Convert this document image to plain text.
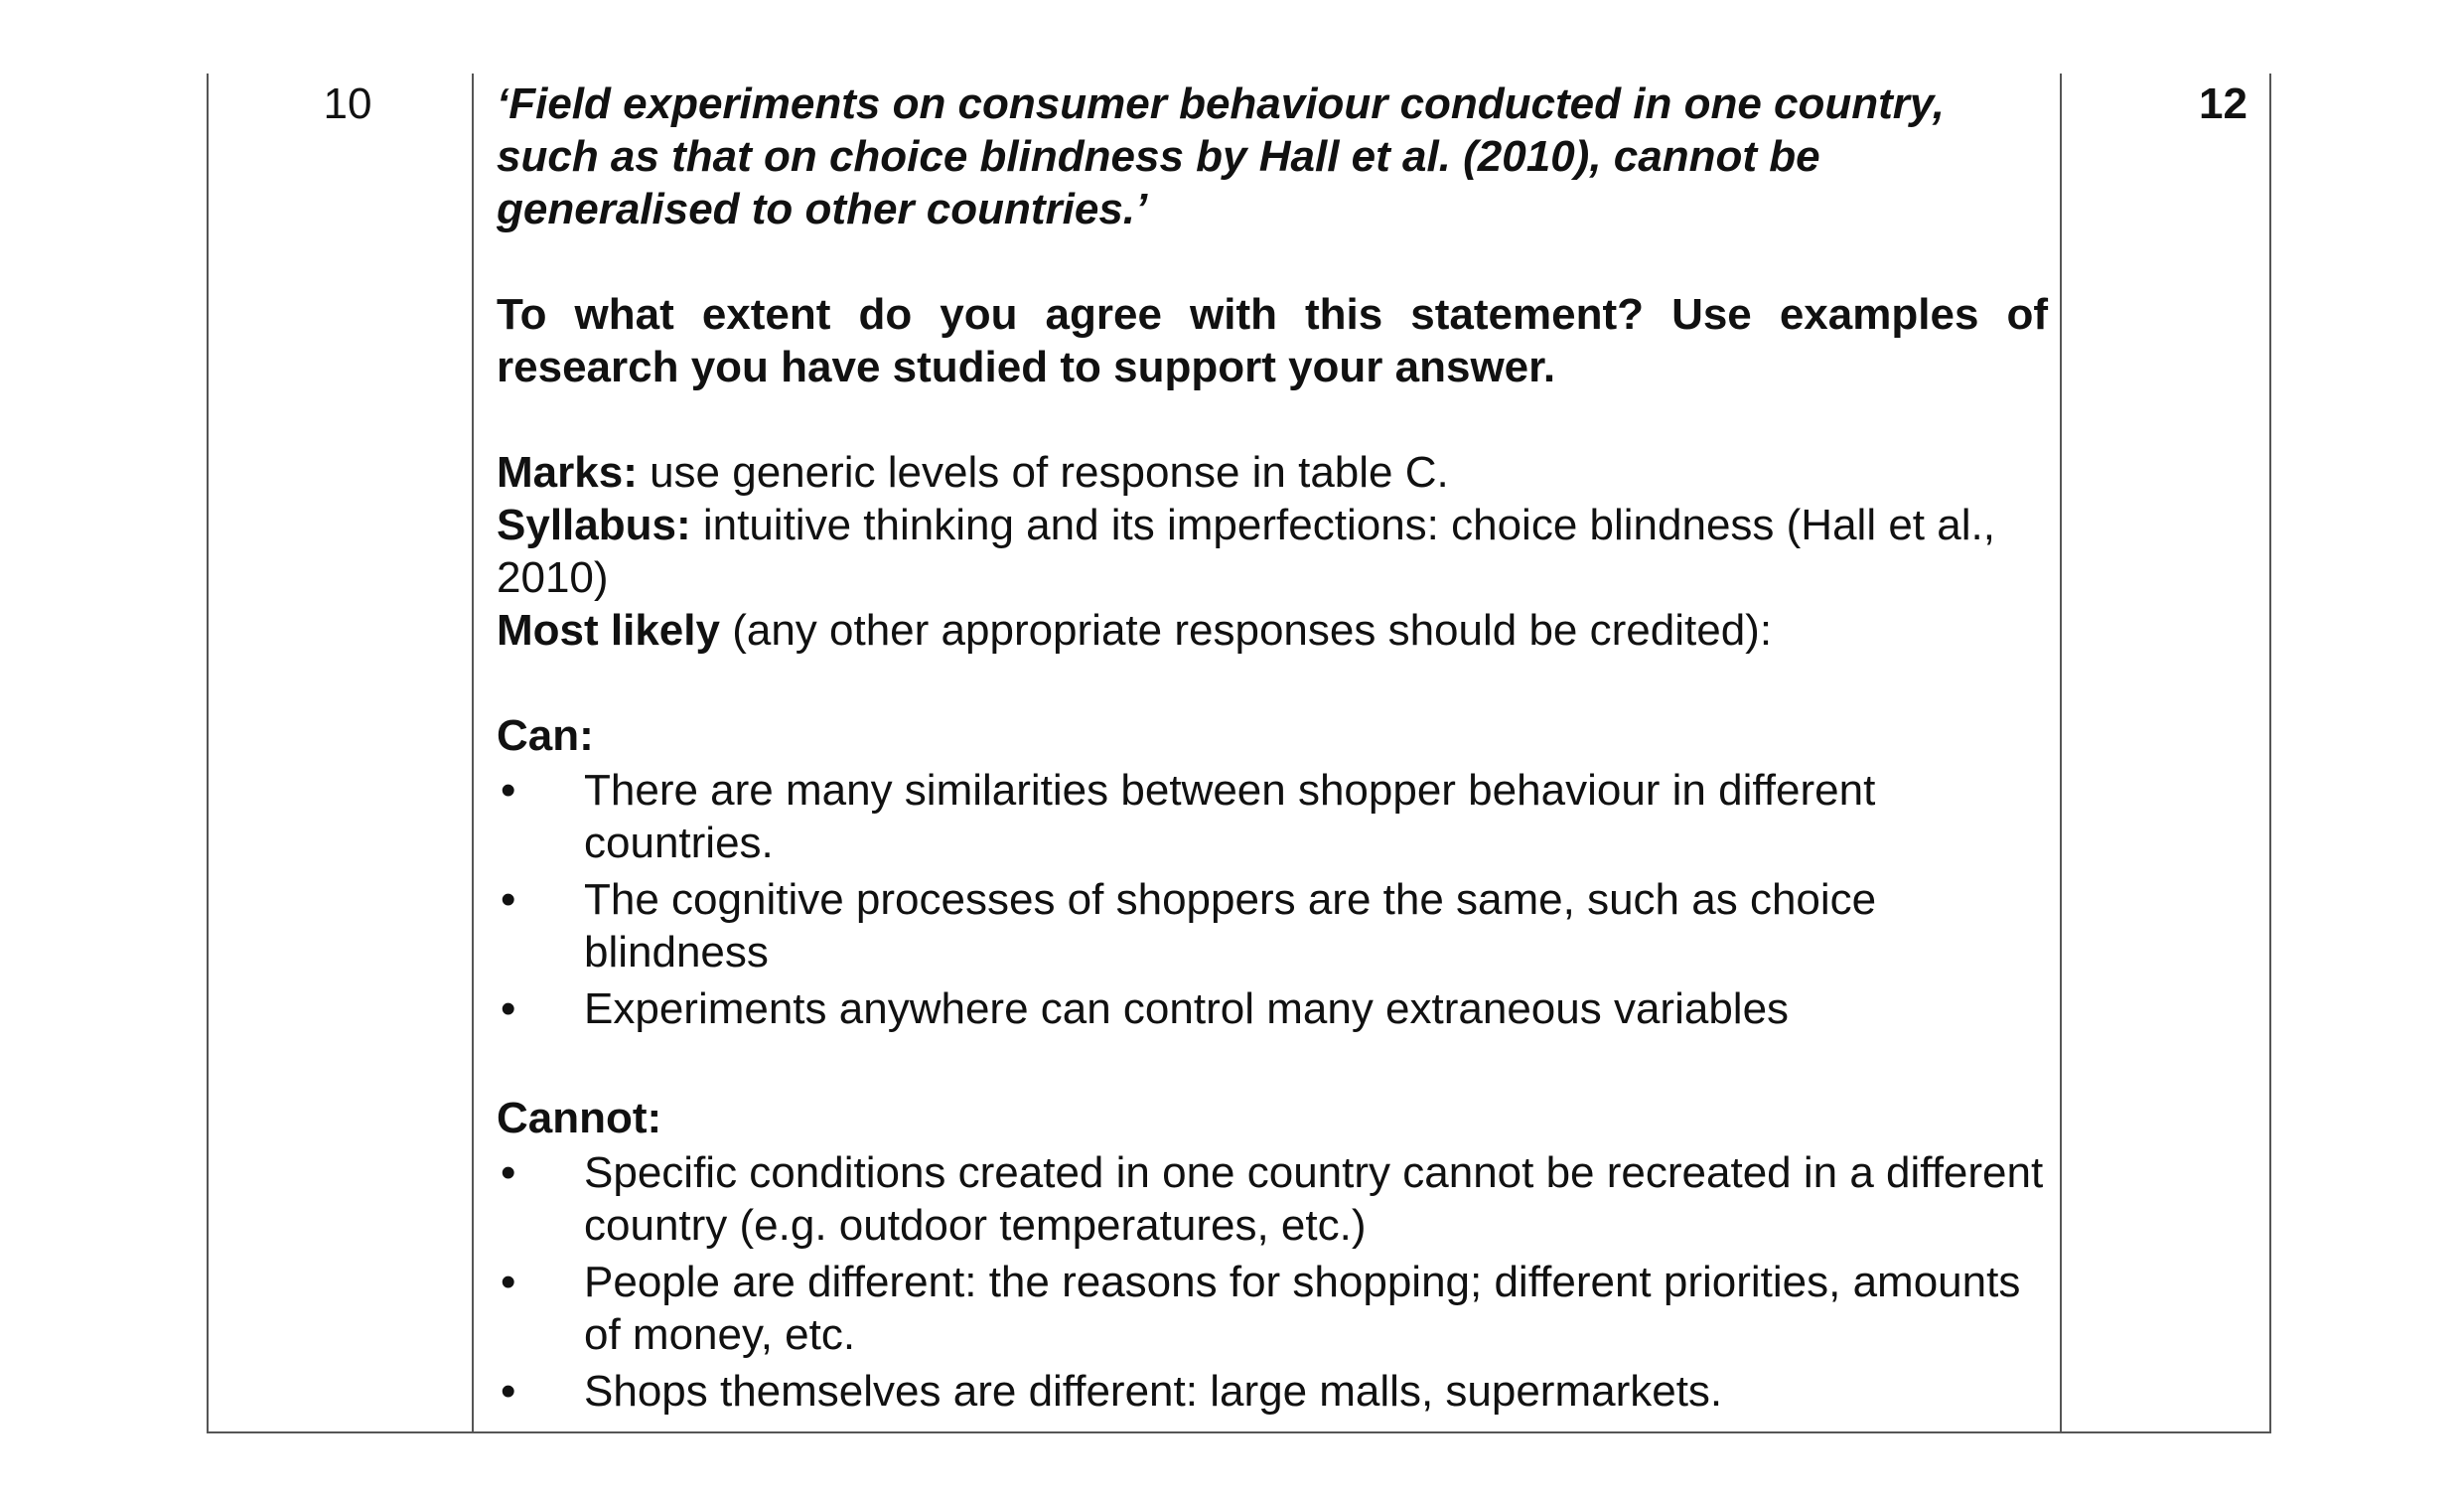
10	‘Field experiments on consumer behaviour conducted in one country, such as that on choice blindness by Hall et al. (2010), cannot be generalised to other countries.’

To what extent do you agree with this statement? Use examples of research you have studied to support your answer.

Marks: use generic levels of response in table C.

Syllabus: intuitive thinking and its imperfections: choice blindness (Hall et al., 2010)

Most likely (any other appropriate responses should be credited):

Can:

• There are many similarities between shopper behaviour in different countries.
• The cognitive processes of shoppers are the same, such as choice blindness
• Experiments anywhere can control many extraneous variables

Cannot:

• Specific conditions created in one country cannot be recreated in a different country (e.g. outdoor temperatures, etc.)
• People are different: the reasons for shopping; different priorities, amounts of money, etc.
• Shops themselves are different: large malls, supermarkets.
12
